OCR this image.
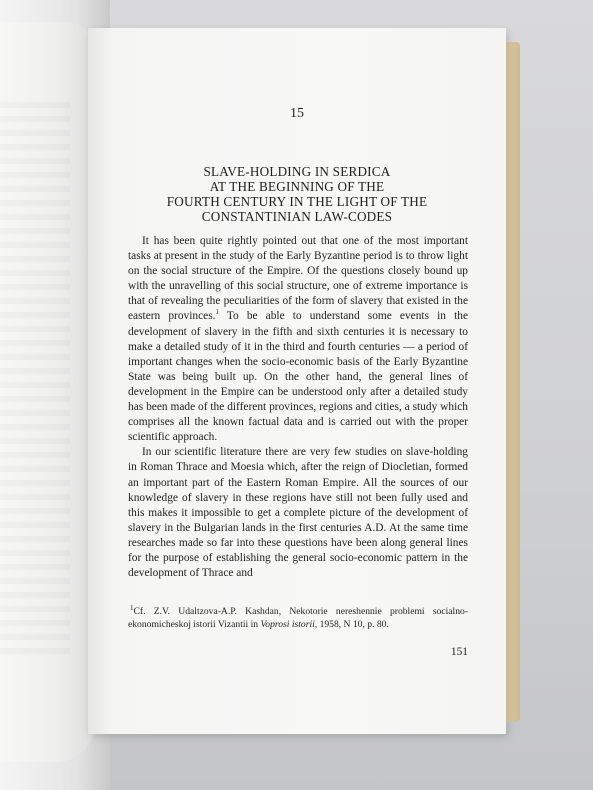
15
SLAVE-HOLDING IN SERDICA
AT THE BEGINNING OF THE
FOURTH CENTURY IN THE LIGHT OF THE
CONSTANTINIAN LAW-CODES

It has been quite rightly pointed out that one of the most important tasks at present in the study of the Early Byzantine period is to throw light on the social structure of the Empire. Of the questions closely bound up with the unravelling of this social structure, one of extreme importance is that of revealing the peculiarities of the form of slavery that existed in the eastern provinces.$^1$ To be able to understand some events in the development of slavery in the fifth and sixth centuries it is necessary to make a detailed study of it in the third and fourth centuries — a period of important changes when the socio-economic basis of the Early Byzantine State was being built up. On the other hand, the general lines of development in the Empire can be understood only after a detailed study has been made of the different provinces, regions and cities, a study which comprises all the known factual data and is carried out with the proper scientific approach.

In our scientific literature there are very few studies on slave-holding in Roman Thrace and Moesia which, after the reign of Diocletian, formed an important part of the Eastern Roman Empire. All the sources of our knowledge of slavery in these regions have still not been fully used and this makes it impossible to get a complete picture of the development of slavery in the Bulgarian lands in the first centuries A.D. At the same time researches made so far into these questions have been along general lines for the purpose of establishing the general socio-economic pattern in the development of Thrace and

$^1$Cf. Z.V. Udaltzova-A.P. Kashdan, Nekotorie nereshennie problemi socialno-ekonomicheskoj istorii Vizantii in Voprosi istorii, 1958, N 10, p. 80.
151
